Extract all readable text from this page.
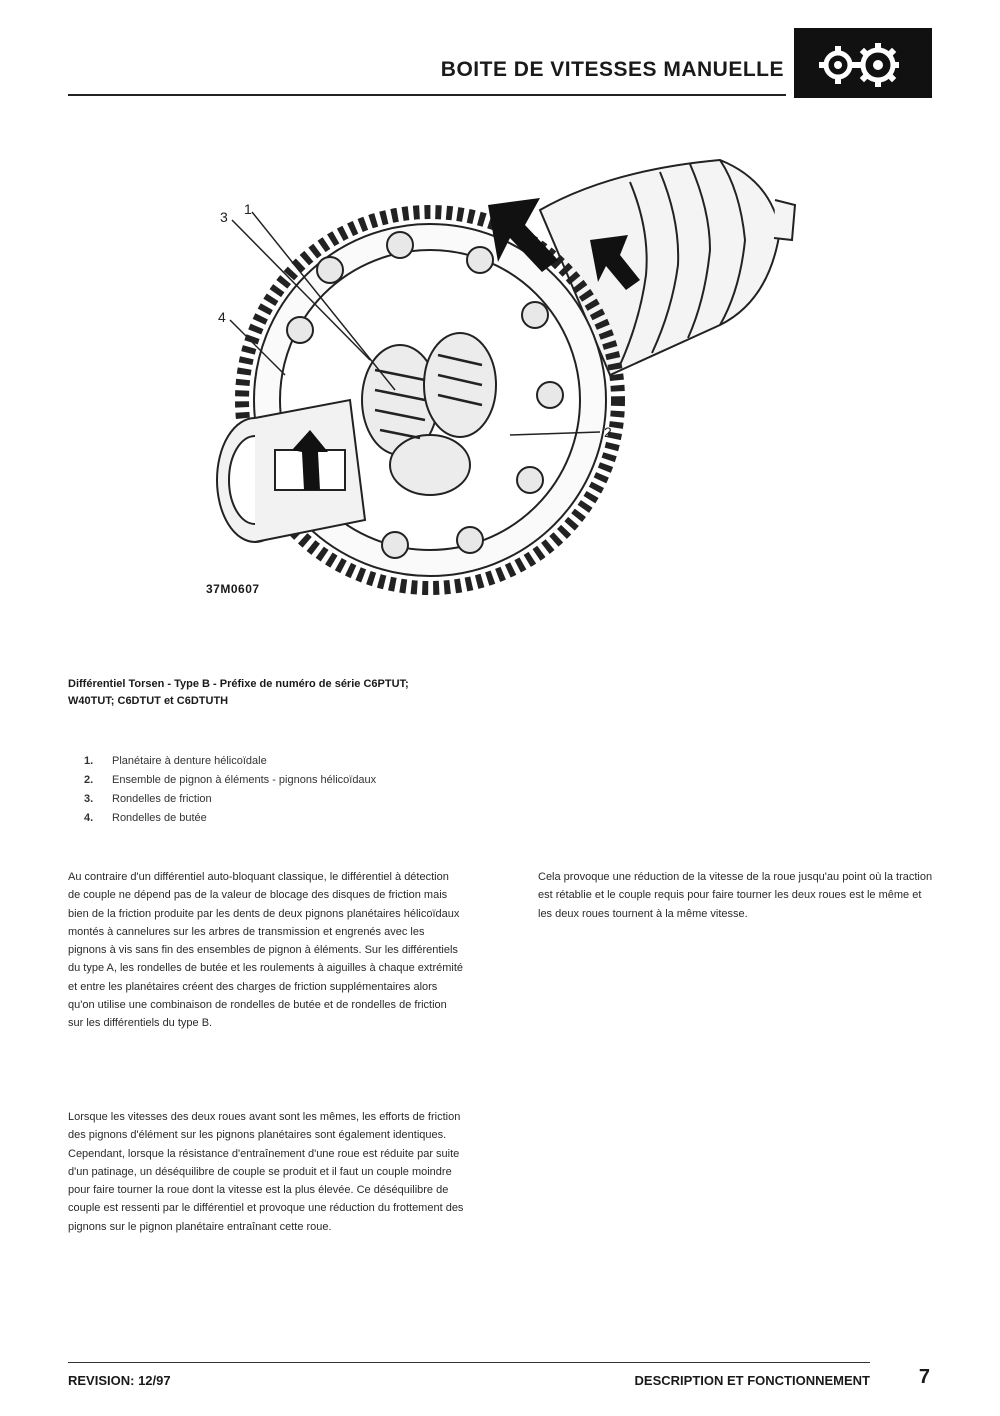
BOITE DE VITESSES MANUELLE
3 1
4
2
37M0607
Différentiel Torsen - Type B - Préfixe de numéro de série C6PTUT; W40TUT; C6DTUT et C6DTUTH
1. Planétaire à denture hélicoïdale
2. Ensemble de pignon à éléments - pignons hélicoïdaux
3. Rondelles de friction
4. Rondelles de butée

Au contraire d'un différentiel auto-bloquant classique, le différentiel à détection de couple ne dépend pas de la valeur de blocage des disques de friction mais bien de la friction produite par les dents de deux pignons planétaires hélicoïdaux montés à cannelures sur les arbres de transmission et engrenés avec les pignons à vis sans fin des ensembles de pignon à éléments. Sur les différentiels du type A, les rondelles de butée et les roulements à aiguilles à chaque extrémité et entre les planétaires créent des charges de friction supplémentaires alors qu'on utilise une combinaison de rondelles de butée et de rondelles de friction sur les différentiels du type B.

Lorsque les vitesses des deux roues avant sont les mêmes, les efforts de friction des pignons d'élément sur les pignons planétaires sont également identiques. Cependant, lorsque la résistance d'entraînement d'une roue est réduite par suite d'un patinage, un déséquilibre de couple se produit et il faut un couple moindre pour faire tourner la roue dont la vitesse est la plus élevée. Ce déséquilibre de couple est ressenti par le différentiel et provoque une réduction du frottement des pignons sur le pignon planétaire entraînant cette roue.

Cela provoque une réduction de la vitesse de la roue jusqu'au point où la traction est rétablie et le couple requis pour faire tourner les deux roues est le même et les deux roues tournent à la même vitesse.

REVISION: 12/97	DESCRIPTION ET FONCTIONNEMENT	7
